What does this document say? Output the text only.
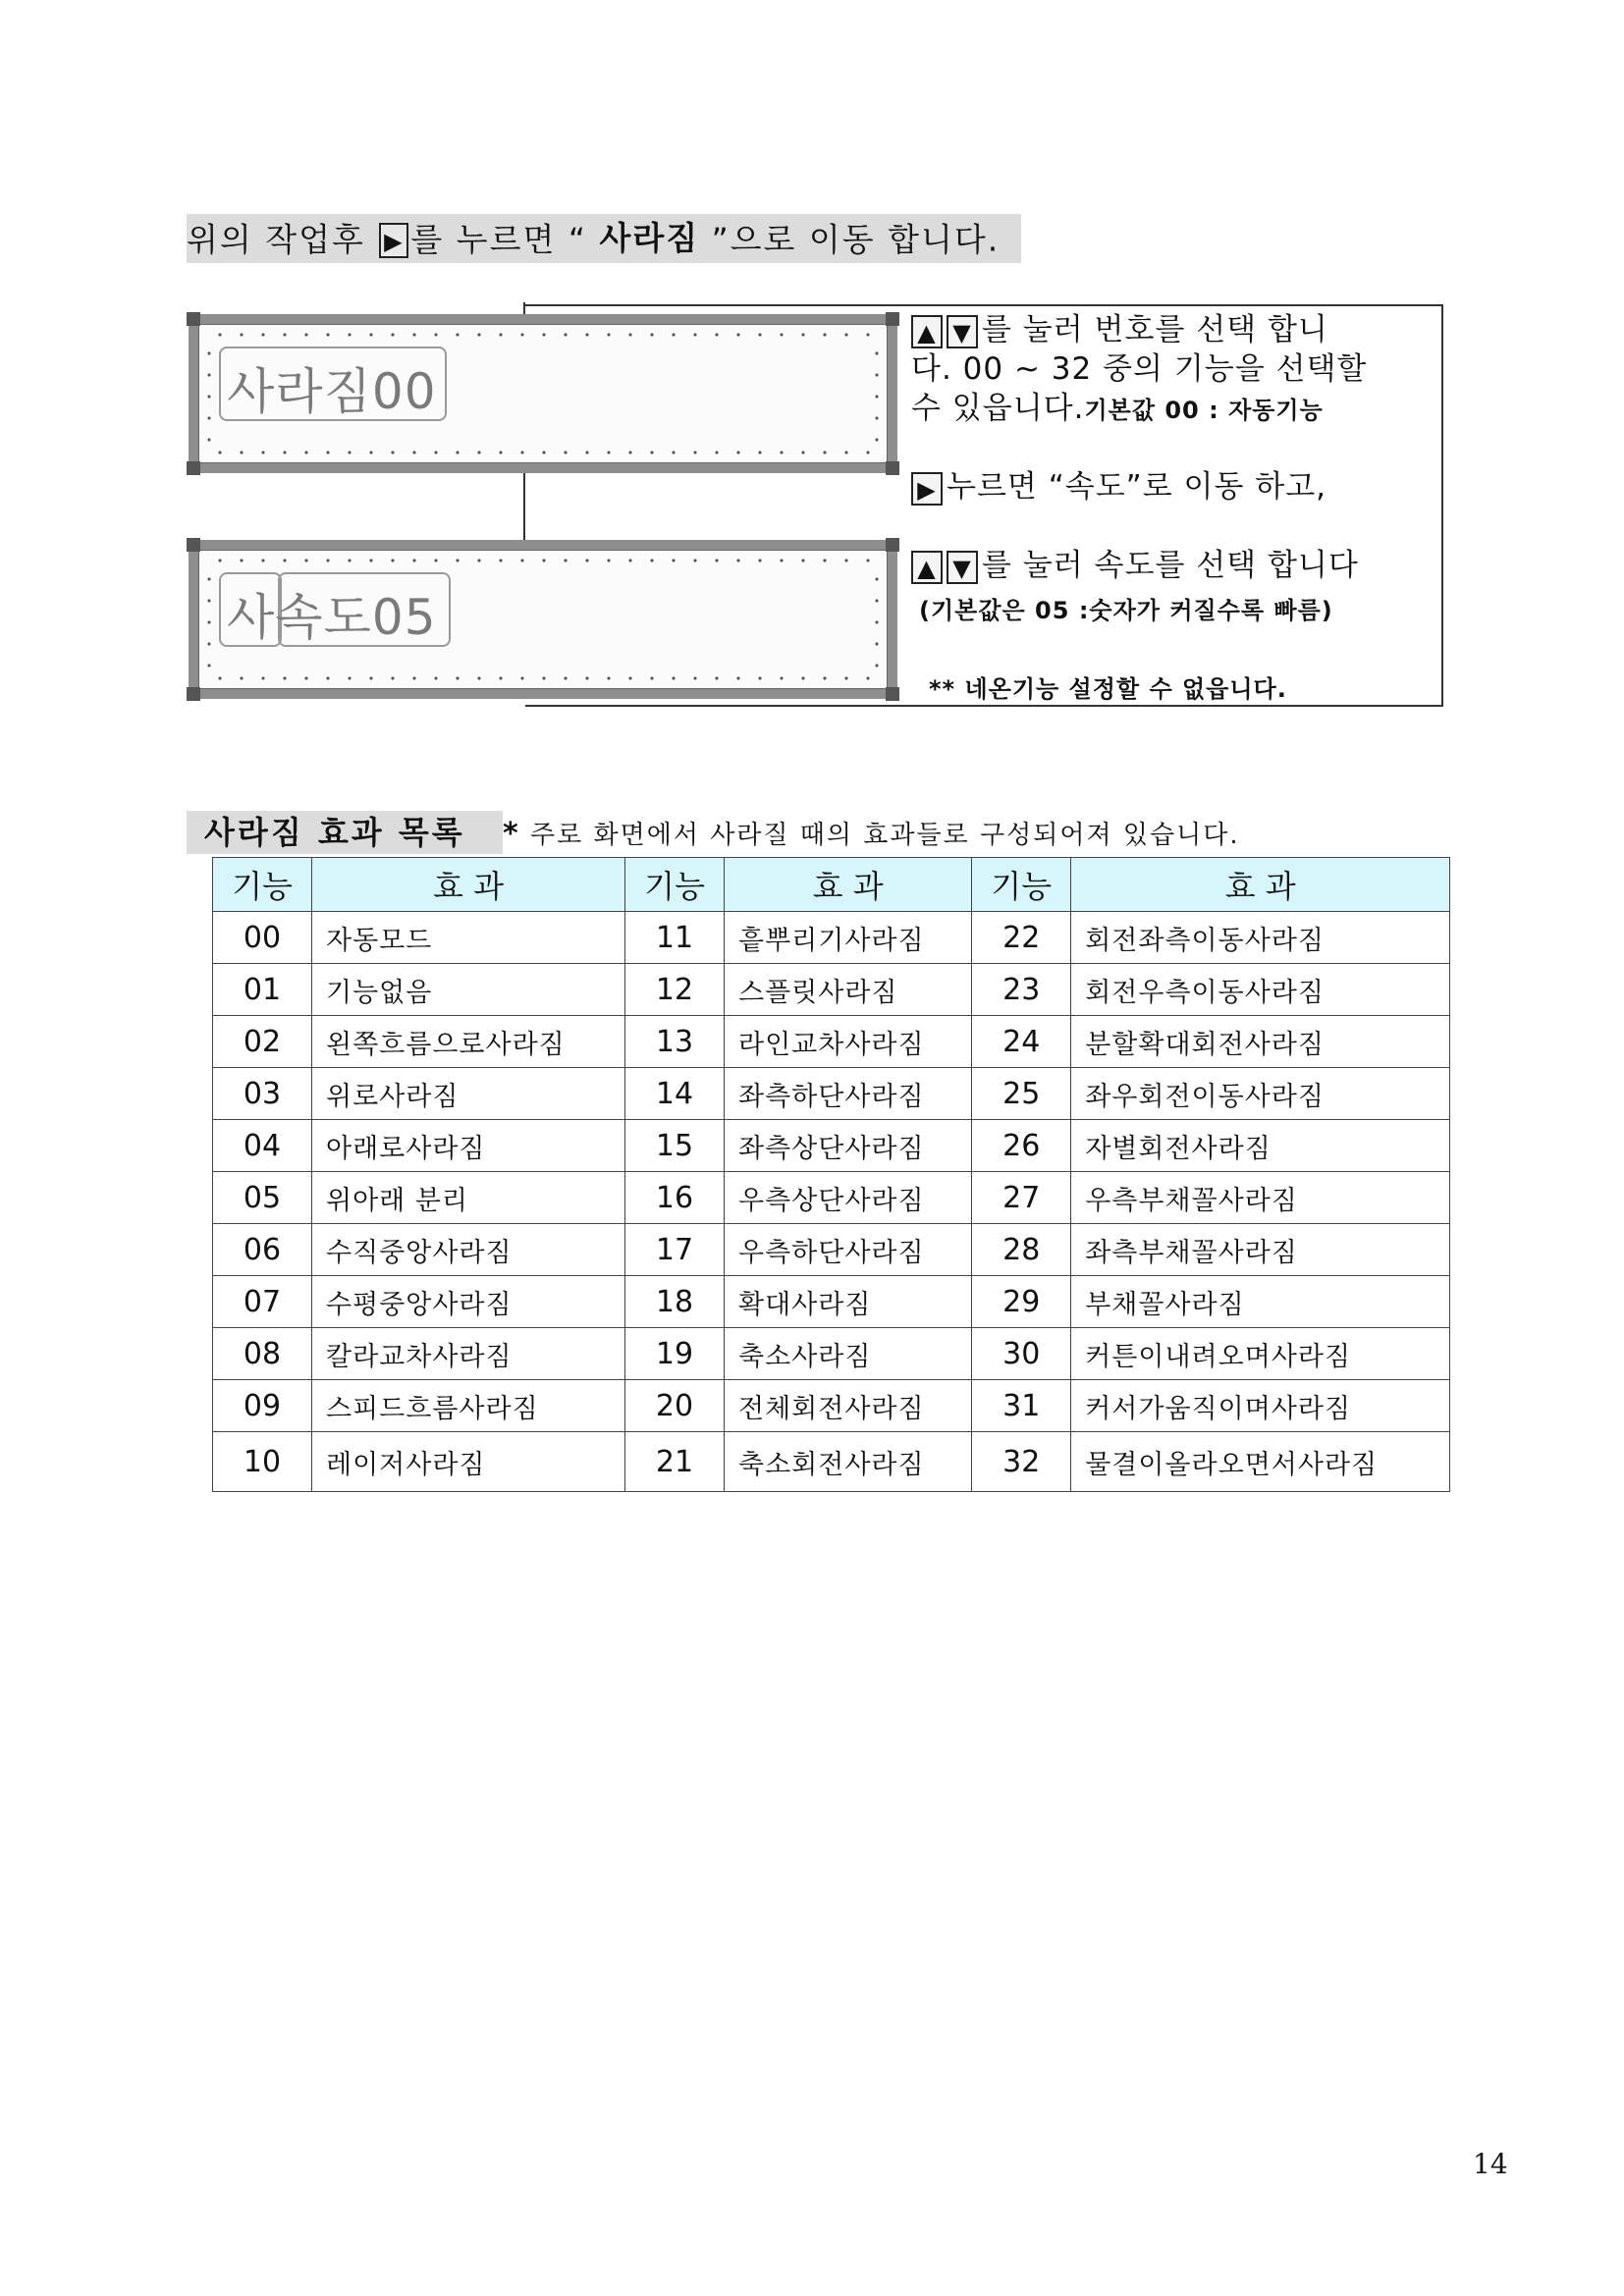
위의 작업후 ▶ 를 누르면 “ 사라짐 ”으로 이동 합니다.
사라짐00
사속도05
▲ ▼ 를 눌러 번호를 선택 합니
다. 00 ~ 32 중의 기능을 선택할
수 있읍니다.기본값 00 : 자동기능
▶ 누르면 “속도”로 이동 하고,
▲ ▼ 를 눌러 속도를 선택 합니다
(기본값은 05 :숫자가 커질수록 빠름)
** 네온기능 설정할 수 없읍니다.
사라짐 효과 목록	* 주로 화면에서 사라질 때의 효과들로 구성되어져 있습니다.
기능	효 과	기능	효 과	기능	효 과
00	자동모드	11	흩뿌리기사라짐	22	회전좌측이동사라짐
01	기능없음	12	스플릿사라짐	23	회전우측이동사라짐
02	왼쪽흐름으로사라짐	13	라인교차사라짐	24	분할확대회전사라짐
03	위로사라짐	14	좌측하단사라짐	25	좌우회전이동사라짐
04	아래로사라짐	15	좌측상단사라짐	26	자별회전사라짐
05	위아래 분리	16	우측상단사라짐	27	우측부채꼴사라짐
06	수직중앙사라짐	17	우측하단사라짐	28	좌측부채꼴사라짐
07	수평중앙사라짐	18	확대사라짐	29	부채꼴사라짐
08	칼라교차사라짐	19	축소사라짐	30	커튼이내려오며사라짐
09	스피드흐름사라짐	20	전체회전사라짐	31	커서가움직이며사라짐
10	레이저사라짐	21	축소회전사라짐	32	물결이올라오면서사라짐
14
